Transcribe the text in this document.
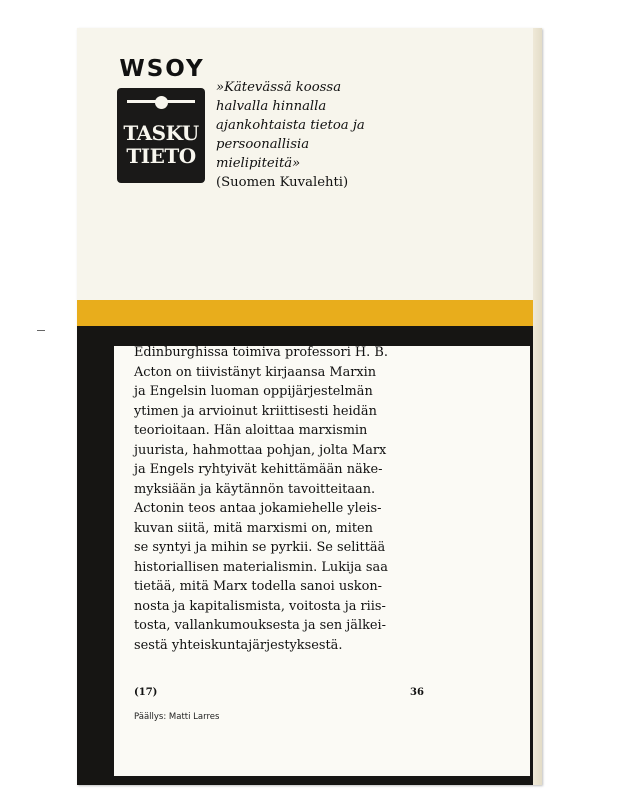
WSOY
TASKU
TIETO
»Kätevässä koossa
halvalla hinnalla
ajankohtaista tietoa ja
persoonallisia
mielipiteitä»
(Suomen Kuvalehti)
Edinburghissa toimiva professori H. B.
Acton on tiivistänyt kirjaansa Marxin
ja Engelsin luoman oppijärjestelmän
ytimen ja arvioinut kriittisesti heidän
teorioitaan. Hän aloittaa marxismin
juurista, hahmottaa pohjan, jolta Marx
ja Engels ryhtyivät kehittämään näke-
myksiään ja käytännön tavoitteitaan.
Actonin teos antaa jokamiehelle yleis-
kuvan siitä, mitä marxismi on, miten
se syntyi ja mihin se pyrkii. Se selittää
historiallisen materialismin. Lukija saa
tietää, mitä Marx todella sanoi uskon-
nosta ja kapitalismista, voitosta ja riis-
tosta, vallankumouksesta ja sen jälkei-
sestä yhteiskuntajärjestyksestä.
(17)	36
Päällys: Matti Larres
